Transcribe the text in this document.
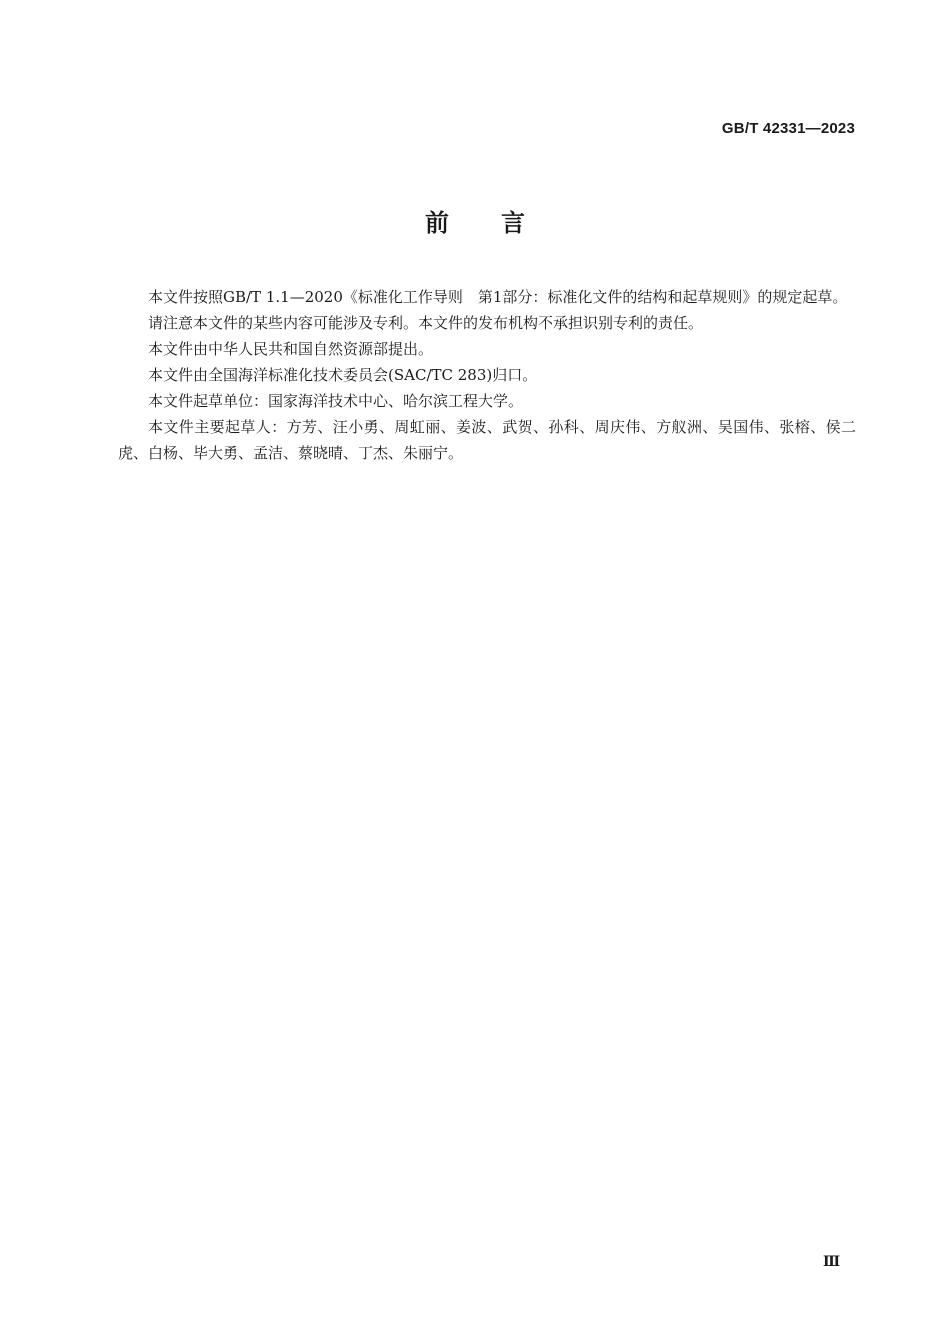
GB/T 42331—2023
前言

本文件按照GB/T 1.1—2020《标准化工作导则　第1部分：标准化文件的结构和起草规则》的规定起草。

请注意本文件的某些内容可能涉及专利。本文件的发布机构不承担识别专利的责任。

本文件由中华人民共和国自然资源部提出。

本文件由全国海洋标准化技术委员会(SAC/TC 283)归口。

本文件起草单位：国家海洋技术中心、哈尔滨工程大学。

本文件主要起草人：方芳、汪小勇、周虹丽、姜波、武贺、孙科、周庆伟、方舣洲、吴国伟、张榕、侯二虎、白杨、毕大勇、孟洁、蔡晓晴、丁杰、朱丽宁。

Ⅲ
